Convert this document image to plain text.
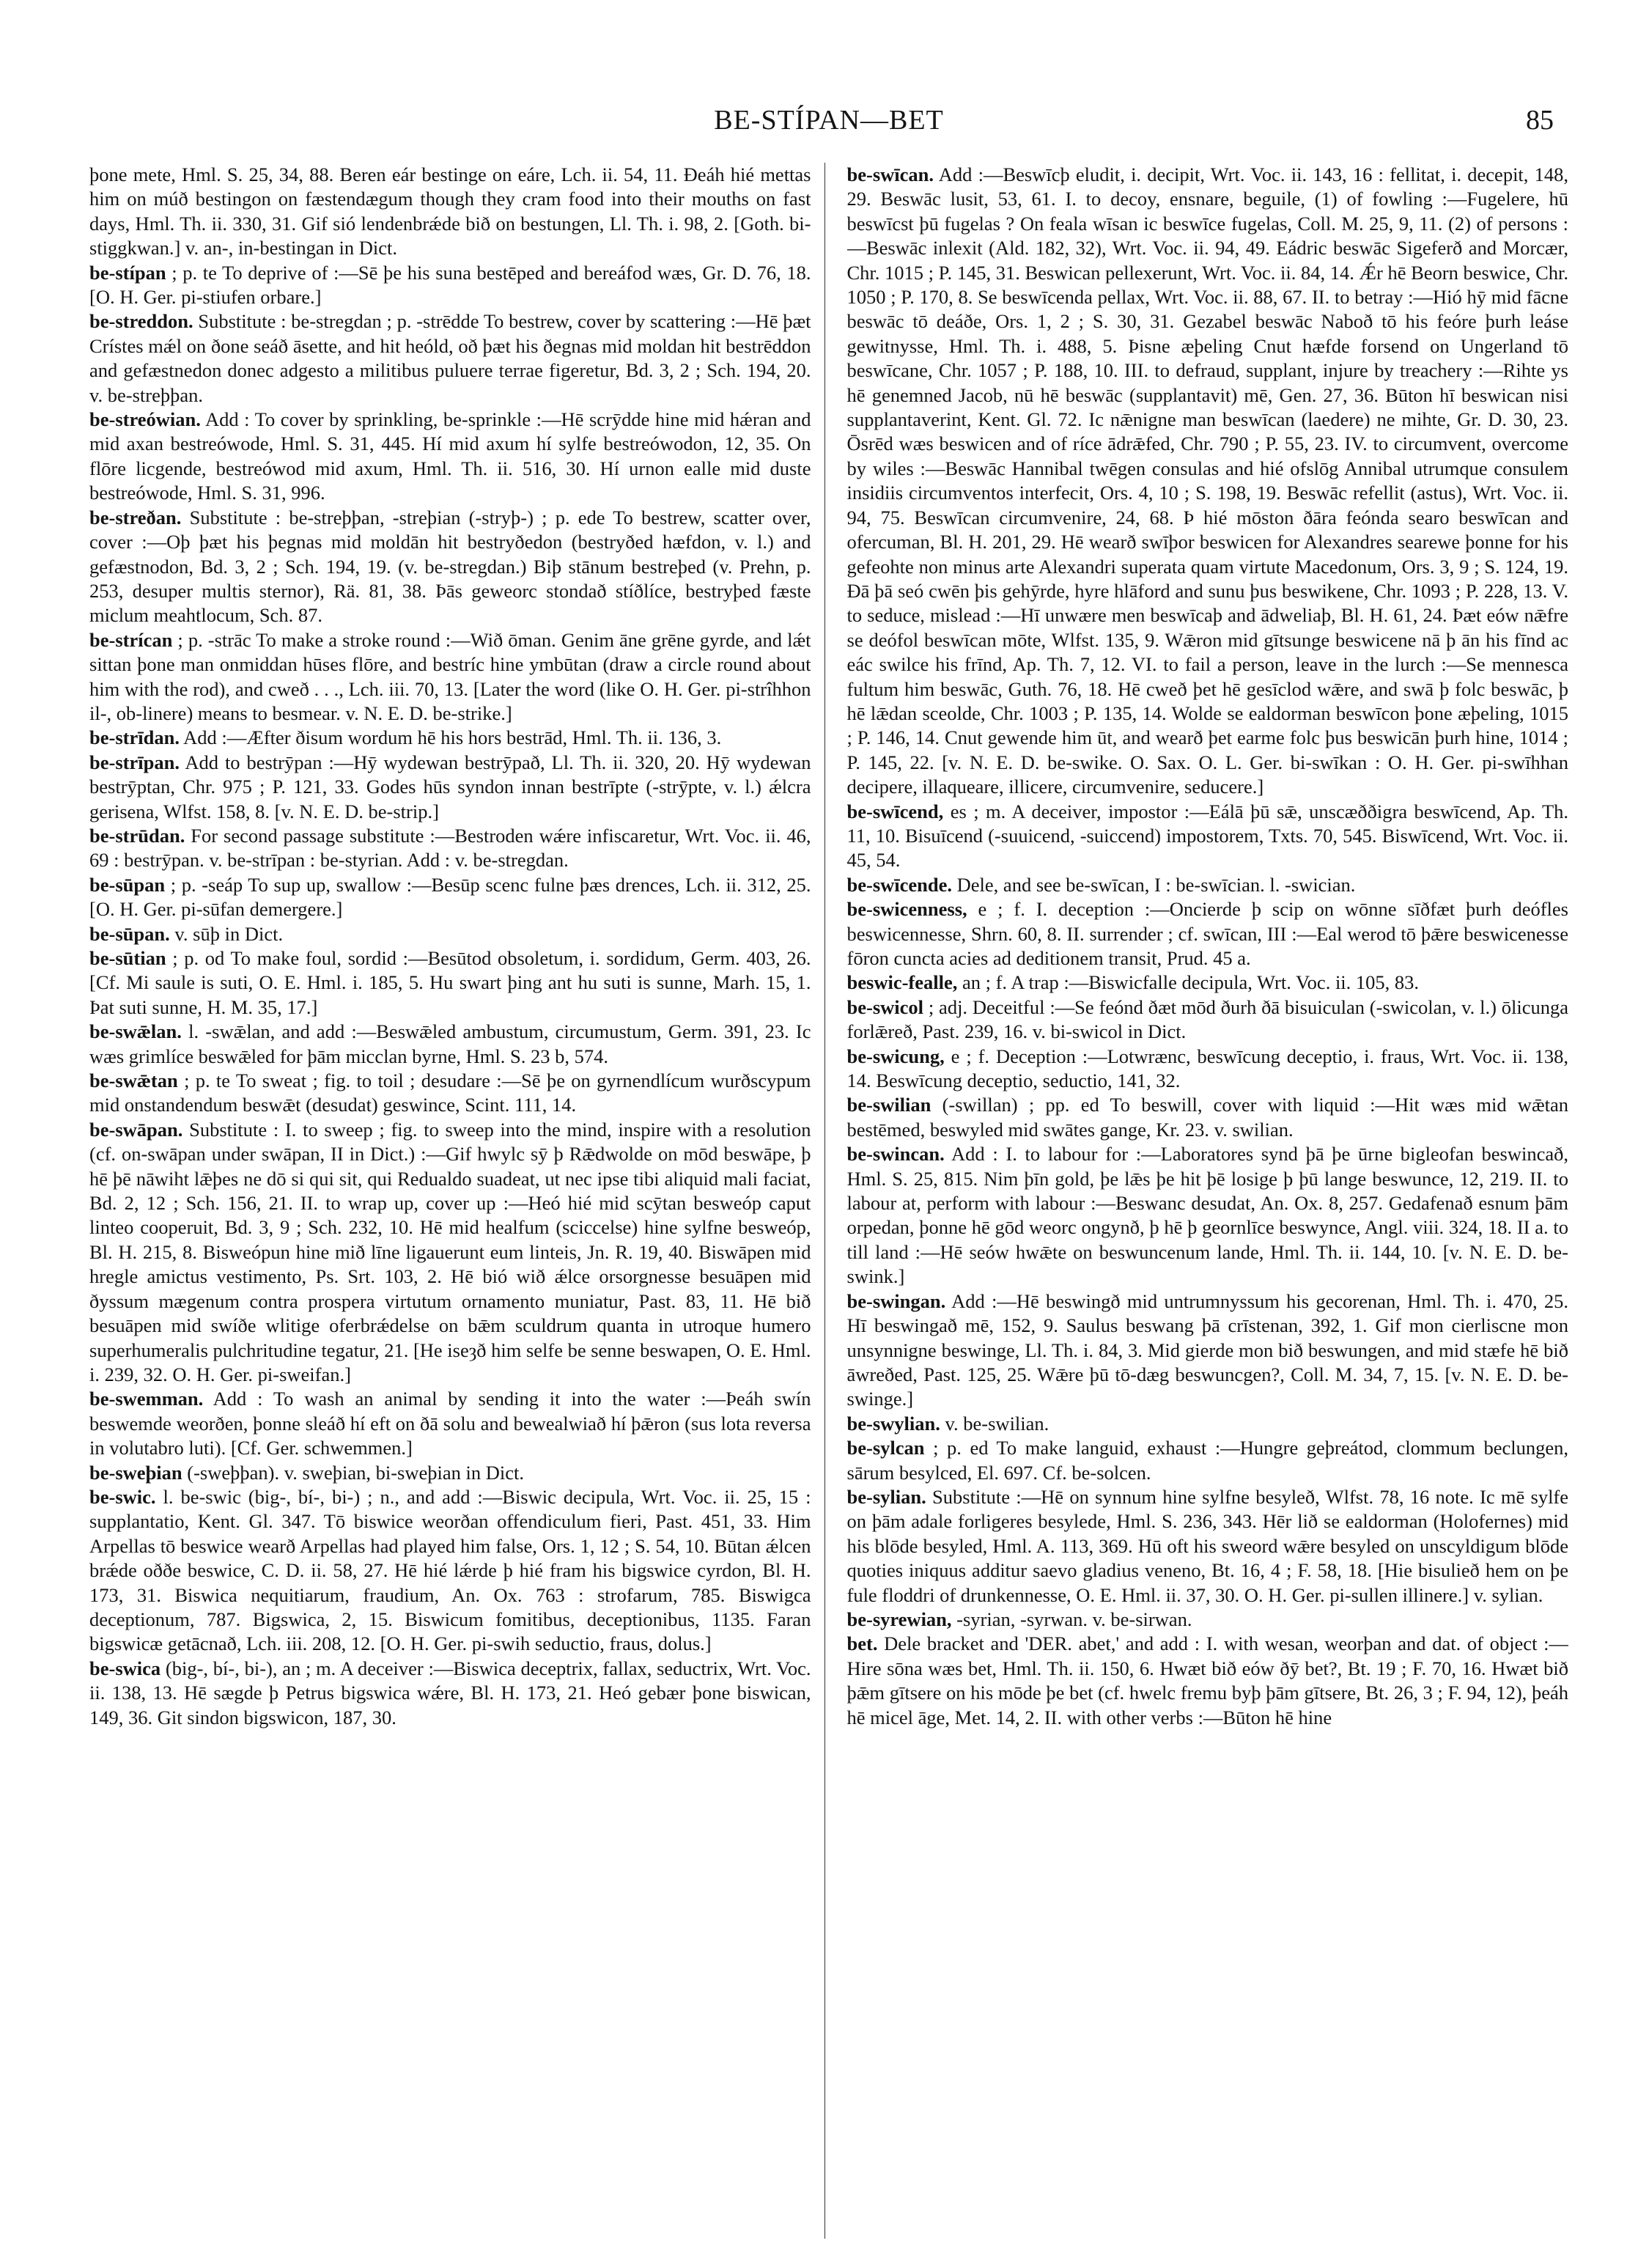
BE-STÍPAN—BET	85

þone mete, Hml. S. 25, 34, 88. Beren eár bestinge on eáre, Lch. ii. 54, 11. Ðeáh hié mettas him on múð bestingon on fæstendægum though they cram food into their mouths on fast days, Hml. Th. ii. 330, 31. Gif sió lendenbrǽde bið on bestungen, Ll. Th. i. 98, 2. [Goth. bi-stiggkwan.] v. an-, in-bestingan in Dict.

be-stípan ; p. te To deprive of :—Sē þe his suna bestēped and bereáfod wæs, Gr. D. 76, 18. [O. H. Ger. pi-stiufen orbare.]

be-streddon. Substitute : be-stregdan ; p. -strēdde To bestrew, cover by scattering :—Hē þæt Crístes mǽl on ðone seáð āsette, and hit heóld, oð þæt his ðegnas mid moldan hit bestrēddon and gefæstnedon donec adgesto a militibus puluere terrae figeretur, Bd. 3, 2 ; Sch. 194, 20. v. be-strеþþan.

be-streówian. Add : To cover by sprinkling, be-sprinkle :—Hē scrȳdde hine mid hǽran and mid axan bestreówode, Hml. S. 31, 445. Hí mid axum hí sylfe bestreówodon, 12, 35. On flōre licgende, bestreówod mid axum, Hml. Th. ii. 516, 30. Hí urnon ealle mid duste bestreówode, Hml. S. 31, 996.

be-streðan. Substitute : be-streþþan, -strеþian (-stryþ-) ; p. ede To bestrew, scatter over, cover :—Oþ þæt his þegnas mid moldān hit bestryðedon (bestryðed hæfdon, v. l.) and gefæstnodon, Bd. 3, 2 ; Sch. 194, 19. (v. be-stregdan.) Biþ stānum bestreþed (v. Prehn, p. 253, desuper multis sternor), Rä. 81, 38. Þās geweorc stondað stíðlíce, bestryþed fæste miclum meahtlocum, Sch. 87.

be-strícan ; p. -strāc To make a stroke round :—Wið ōman. Genim āne grēne gyrde, and lǽt sittan þone man onmiddan hūses flōre, and bestríc hine ymbūtan (draw a circle round about him with the rod), and cweð . . ., Lch. iii. 70, 13. [Later the word (like O. H. Ger. pi-strîhhon il-, ob-linere) means to besmear. v. N. E. D. be-strike.]

be-strīdan. Add :—Æfter ðisum wordum hē his hors bestrād, Hml. Th. ii. 136, 3.

be-strīpan. Add to bestrȳpan :—Hȳ wydewan bestrȳpað, Ll. Th. ii. 320, 20. Hȳ wydewan bestrȳptan, Chr. 975 ; P. 121, 33. Godes hūs syndon innan bestrīpte (-strȳpte, v. l.) ǽlcra gerisena, Wlfst. 158, 8. [v. N. E. D. be-strip.]

be-strūdan. For second passage substitute :—Bestroden wǽre infiscaretur, Wrt. Voc. ii. 46, 69 : bestrȳpan. v. be-strīpan : be-styrian. Add : v. be-stregdan.

be-sūpan ; p. -seáp To sup up, swallow :—Besūp scenc fulne þæs drences, Lch. ii. 312, 25. [O. H. Ger. pi-sūfan demergere.]

be-sūpan. v. sūþ in Dict.

be-sūtian ; p. od To make foul, sordid :—Besūtod obsoletum, i. sordidum, Germ. 403, 26. [Cf. Mi saule is suti, O. E. Hml. i. 185, 5. Hu swart þing ant hu suti is sunne, Marh. 15, 1. Þat suti sunne, H. M. 35, 17.]

be-swǣlan. l. -swǣlan, and add :—Beswǣled ambustum, circumustum, Germ. 391, 23. Ic wæs grimlíce beswǣled for þām micclan byrne, Hml. S. 23 b, 574.

be-swǣtan ; p. te To sweat ; fig. to toil ; desudare :—Sē þe on gyrnendlícum wurðscypum mid onstandendum beswǣt (desudat) geswince, Scint. 111, 14.

be-swāpan. Substitute : I. to sweep ; fig. to sweep into the mind, inspire with a resolution (cf. on-swāpan under swāpan, II in Dict.) :—Gif hwylc sȳ þ Rǣdwolde on mōd beswāpe, þ hē þē nāwiht lǣþes ne dō si qui sit, qui Redualdo suadeat, ut nec ipse tibi aliquid mali faciat, Bd. 2, 12 ; Sch. 156, 21. II. to wrap up, cover up :—Heó hié mid scȳtan besweóp caput linteo cooperuit, Bd. 3, 9 ; Sch. 232, 10. Hē mid healfum (sciccelse) hine sylfne besweóp, Bl. H. 215, 8. Bisweópun hine mið līne ligauerunt eum linteis, Jn. R. 19, 40. Biswāpen mid hregle amictus vestimento, Ps. Srt. 103, 2. Hē bió wið ǽlce orsorgnesse besuāpen mid ðyssum mægenum contra prospera virtutum ornamento muniatur, Past. 83, 11. Hē bið besuāpen mid swíðe wlitige oferbrǽdelse on bǣm sculdrum quanta in utroque humero superhumeralis pulchritudine tegatur, 21. [He iseȝð him selfe be senne beswapen, O. E. Hml. i. 239, 32. O. H. Ger. pi-sweifan.]

be-swemman. Add : To wash an animal by sending it into the water :—Þeáh swín beswemde weorðen, þonne sleáð hí eft on ðā solu and bewealwiað hí þǣron (sus lota reversa in volutabro luti). [Cf. Ger. schwemmen.]

be-sweþian (-sweþþan). v. sweþian, bi-sweþian in Dict.

be-swic. l. be-swic (big-, bí-, bi-) ; n., and add :—Biswic decipula, Wrt. Voc. ii. 25, 15 : supplantatio, Kent. Gl. 347. Tō biswice weorðan offendiculum fieri, Past. 451, 33. Him Arpellas tō beswice wearð Arpellas had played him false, Ors. 1, 12 ; S. 54, 10. Būtan ǽlcen brǽde oððe beswice, C. D. ii. 58, 27. Hē hié lǽrde þ hié fram his bigswice cyrdon, Bl. H. 173, 31. Biswica nequitiarum, fraudium, An. Ox. 763 : strofarum, 785. Biswigca deceptionum, 787. Bigswica, 2, 15. Biswicum fomitibus, deceptionibus, 1135. Faran bigswicæ getācnað, Lch. iii. 208, 12. [O. H. Ger. pi-swih seductio, fraus, dolus.]

be-swica (big-, bí-, bi-), an ; m. A deceiver :—Biswica deceptrix, fallax, seductrix, Wrt. Voc. ii. 138, 13. Hē sægde þ Petrus bigswica wǽre, Bl. H. 173, 21. Heó gebær þone biswican, 149, 36. Git sindon bigswicon, 187, 30.

be-swīcan. Add :—Beswīcþ eludit, i. decipit, Wrt. Voc. ii. 143, 16 : fellitat, i. decepit, 148, 29. Beswāc lusit, 53, 61. I. to decoy, ensnare, beguile, (1) of fowling :—Fugelere, hū beswīcst þū fugelas ? On feala wīsan ic beswīce fugelas, Coll. M. 25, 9, 11. (2) of persons :—Beswāc inlexit (Ald. 182, 32), Wrt. Voc. ii. 94, 49. Eádric beswāc Sigeferð and Morcær, Chr. 1015 ; P. 145, 31. Beswican pellexerunt, Wrt. Voc. ii. 84, 14. Ǽr hē Beorn beswice, Chr. 1050 ; P. 170, 8. Se beswīcenda pellax, Wrt. Voc. ii. 88, 67. II. to betray :—Hió hȳ mid fācne beswāc tō deáðe, Ors. 1, 2 ; S. 30, 31. Gezabel beswāc Naboð tō his feóre þurh leáse gewitnysse, Hml. Th. i. 488, 5. Þisne æþeling Cnut hæfde forsend on Ungerland tō beswīcane, Chr. 1057 ; P. 188, 10. III. to defraud, supplant, injure by treachery :—Rihte ys hē genemned Jacob, nū hē beswāc (supplantavit) mē, Gen. 27, 36. Būton hī beswican nisi supplantaverint, Kent. Gl. 72. Ic nǣnigne man beswīcan (laedere) ne mihte, Gr. D. 30, 23. Ōsrēd wæs beswicen and of ríce ādrǣfed, Chr. 790 ; P. 55, 23. IV. to circumvent, overcome by wiles :—Beswāc Hannibal twēgen consulas and hié ofslōg Annibal utrumque consulem insidiis circumventos interfecit, Ors. 4, 10 ; S. 198, 19. Beswāc refellit (astus), Wrt. Voc. ii. 94, 75. Beswīcan circumvenire, 24, 68. Þ hié mōston ðāra feónda searo beswīcan and ofercuman, Bl. H. 201, 29. Hē wearð swīþor beswicen for Alexandres searewe þonne for his gefeohte non minus arte Alexandri superata quam virtute Macedonum, Ors. 3, 9 ; S. 124, 19. Ðā þā seó cwēn þis gehȳrde, hyre hlāford and sunu þus beswikene, Chr. 1093 ; P. 228, 13. V. to seduce, mislead :—Hī unwære men beswīcaþ and ādwelіaþ, Bl. H. 61, 24. Þæt eów nǣfre se deófol beswīcan mōte, Wlfst. 135, 9. Wǣron mid gītsunge beswicene nā þ ān his fīnd ac eác swilce his frīnd, Ap. Th. 7, 12. VI. to fail a person, leave in the lurch :—Se mennesca fultum him beswāc, Guth. 76, 18. Hē cweð þet hē gesīclod wǣre, and swā þ folc beswāc, þ hē lǣdan sceolde, Chr. 1003 ; P. 135, 14. Wolde se ealdorman beswīcon þone æþeling, 1015 ; P. 146, 14. Cnut gewende him ūt, and wearð þet earme folc þus beswicān þurh hine, 1014 ; P. 145, 22. [v. N. E. D. be-swike. O. Sax. O. L. Ger. bi-swīkan : O. H. Ger. pi-swīhhan decipere, illaqueare, illicere, circumvenire, seducere.]

be-swīcend, es ; m. A deceiver, impostor :—Eálā þū sǣ, unscæððigra beswīcend, Ap. Th. 11, 10. Bisuīcend (-suuicend, -suiccend) impostorem, Txts. 70, 545. Biswīcend, Wrt. Voc. ii. 45, 54.

be-swīcende. Dele, and see be-swīcan, I : be-swīcian. l. -swician.

be-swicenness, e ; f. I. deception :—Oncierde þ scip on wōnne sīðfæt þurh deófles beswicennesse, Shrn. 60, 8. II. surrender ; cf. swīcan, III :—Eal werod tō þǣre beswicenesse fōron cuncta acies ad deditionem transit, Prud. 45 a.

beswic-fealle, an ; f. A trap :—Biswicfalle decipula, Wrt. Voc. ii. 105, 83.

be-swicol ; adj. Deceitful :—Se feónd ðæt mōd ðurh ðā bisuiculan (-swicolan, v. l.) ōlicunga forlǣreð, Past. 239, 16. v. bi-swicol in Dict.

be-swicung, e ; f. Deception :—Lotwrænc, beswīcung deceptio, i. fraus, Wrt. Voc. ii. 138, 14. Beswīcung deceptio, seductio, 141, 32.

be-swilian (-swillan) ; pp. ed To beswill, cover with liquid :—Hit wæs mid wǣtan bestēmed, beswyled mid swātes gange, Kr. 23. v. swilian.

be-swincan. Add : I. to labour for :—Laboratores synd þā þe ūrne bigleofan beswincað, Hml. S. 25, 815. Nim þīn gold, þe lǣs þe hit þē losige þ þū lange beswunce, 12, 219. II. to labour at, perform with labour :—Beswanc desudat, An. Ox. 8, 257. Gedafenað esnum þām orpedan, þonne hē gōd weorc ongynð, þ hē þ geornlīce beswynce, Angl. viii. 324, 18. II a. to till land :—Hē seów hwǣte on beswuncenum lande, Hml. Th. ii. 144, 10. [v. N. E. D. be-swink.]

be-swingan. Add :—Hē beswingð mid untrumnyssum his gecorenan, Hml. Th. i. 470, 25. Hī beswingað mē, 152, 9. Saulus beswang þā crīstenan, 392, 1. Gif mon cierliscne mon unsynnigne beswinge, Ll. Th. i. 84, 3. Mid gierde mon bið beswungen, and mid stæfe hē bið āwreðed, Past. 125, 25. Wǣre þū tō-dæg beswuncgen?, Coll. M. 34, 7, 15. [v. N. E. D. be-swinge.]

be-swylian. v. be-swilian.

be-sylcan ; p. ed To make languid, exhaust :—Hungre geþreátod, clommum beclungen, sārum besylced, El. 697. Cf. be-solcen.

be-sylian. Substitute :—Hē on synnum hine sylfne besyleð, Wlfst. 78, 16 note. Ic mē sylfe on þām adale forligeres besylede, Hml. S. 236, 343. Hēr lið se ealdorman (Holofernes) mid his blōde besyled, Hml. A. 113, 369. Hū oft his sweord wǣre besyled on unscyldigum blōde quoties iniquus additur saevo gladius veneno, Bt. 16, 4 ; F. 58, 18. [Hie bisulieð hem on þe fule floddri of drunkennesse, O. E. Hml. ii. 37, 30. O. H. Ger. pi-sullen illinere.] v. sylian.

be-syrewian, -syrian, -syrwan. v. be-sirwan.

bet. Dele bracket and 'DER. abet,' and add : I. with wesan, weorþan and dat. of object :—Hire sōna wæs bet, Hml. Th. ii. 150, 6. Hwæt bið eów ðȳ bet?, Bt. 19 ; F. 70, 16. Hwæt bið þǣm gītsere on his mōde þe bet (cf. hwelc fremu byþ þām gītsere, Bt. 26, 3 ; F. 94, 12), þeáh hē micel āge, Met. 14, 2. II. with other verbs :—Būton hē hine
